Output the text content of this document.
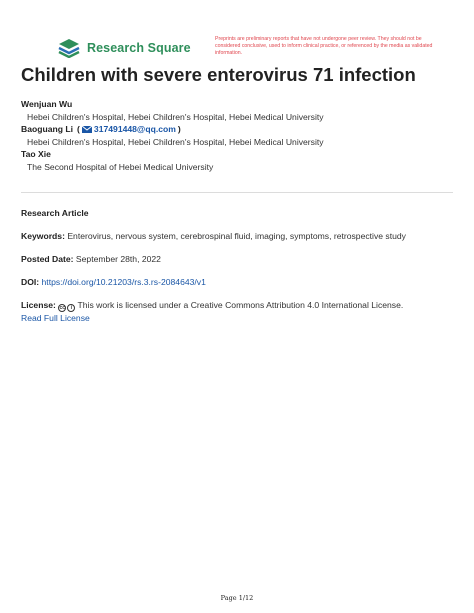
Research Square
Preprints are preliminary reports that have not undergone peer review. They should not be considered conclusive, used to inform clinical practice, or referenced by the media as validated information.
Children with severe enterovirus 71 infection
Wenjuan Wu
Hebei Children's Hospital, Hebei Children's Hospital, Hebei Medical University
Baoguang Li ( 317491448@qq.com )
Hebei Children's Hospital, Hebei Children's Hospital, Hebei Medical University
Tao Xie
The Second Hospital of Hebei Medical University
Research Article
Keywords: Enterovirus, nervous system, cerebrospinal fluid, imaging, symptoms, retrospective study
Posted Date: September 28th, 2022
DOI: https://doi.org/10.21203/rs.3.rs-2084643/v1
License: cc	i This work is licensed under a Creative Commons Attribution 4.0 International License.
Read Full License
Page 1/12
